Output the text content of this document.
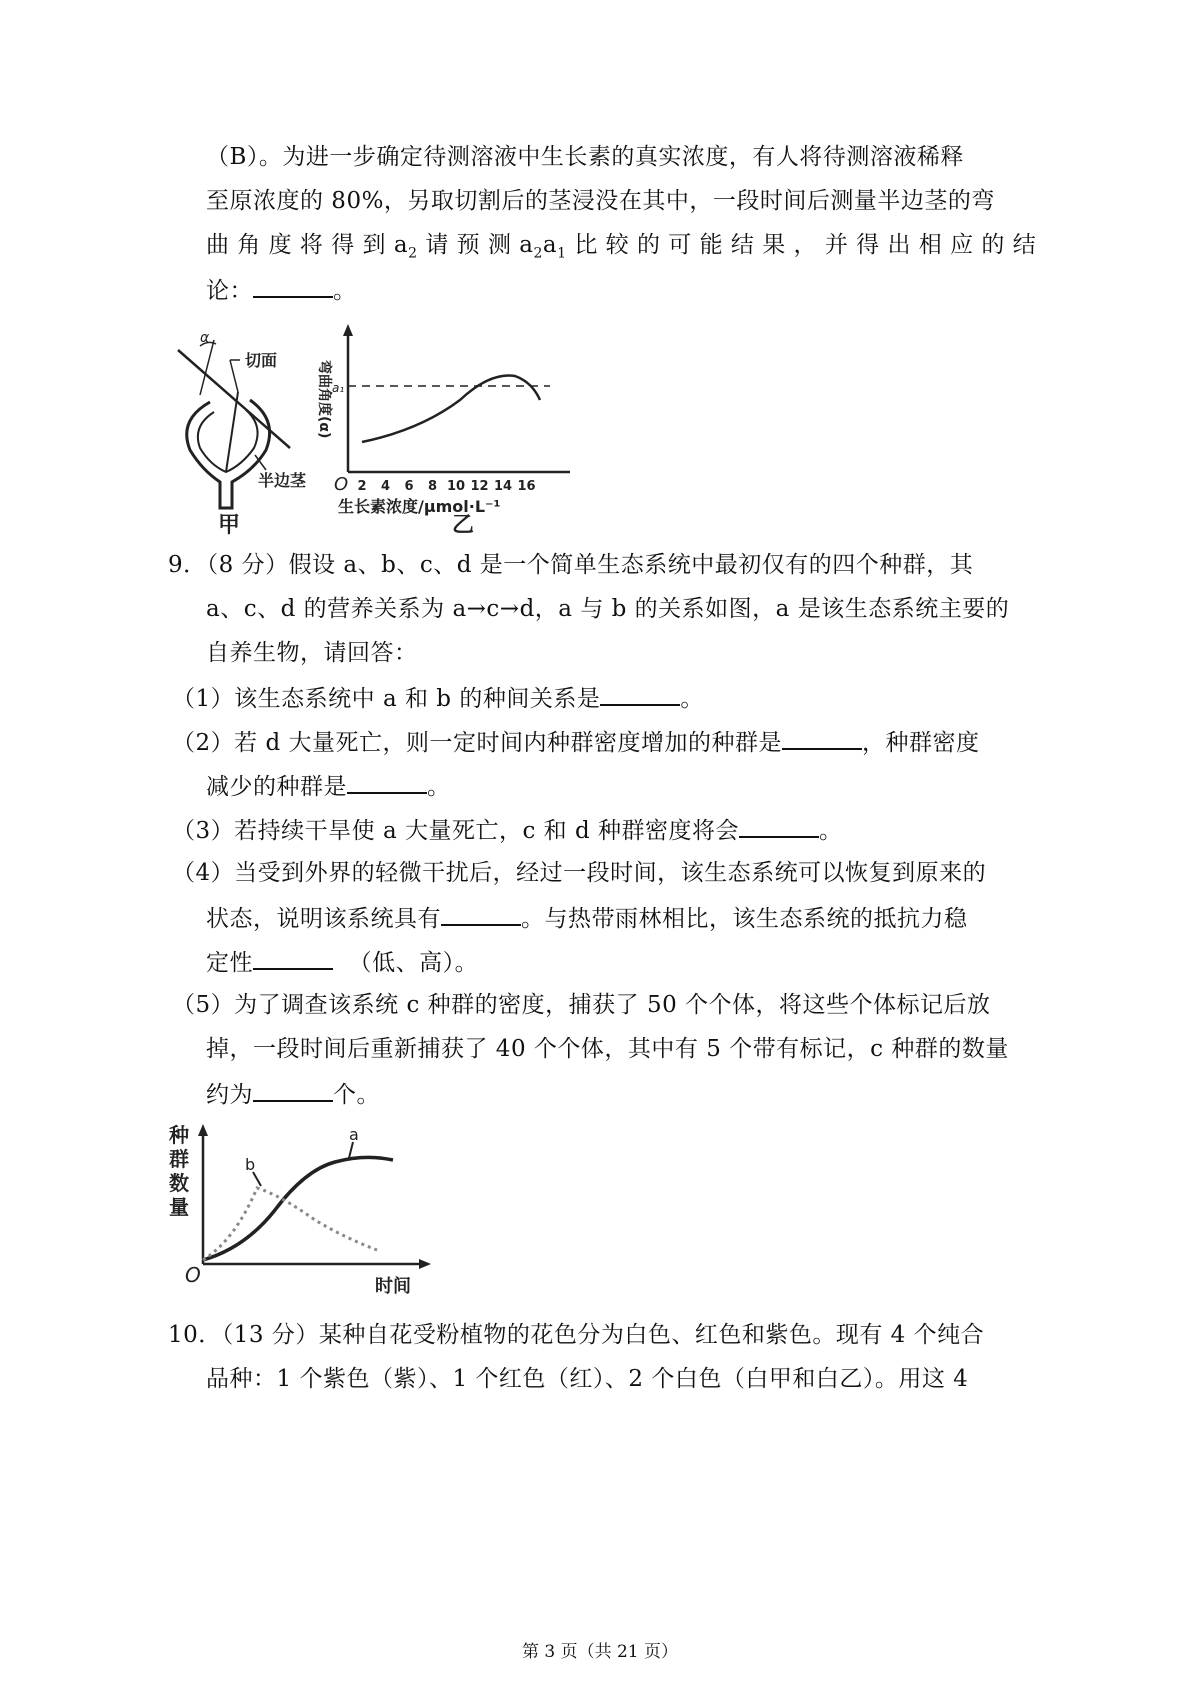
（B）。为进一步确定待测溶液中生长素的真实浓度，有人将待测溶液稀释
至原浓度的 80%，另取切割后的茎浸没在其中，一段时间后测量半边茎的弯
曲 角 度 将 得 到 $a_2$ 请 预 测 $a_2a_1$ 比 较 的 可 能 结 果 ， 并 得 出 相 应 的 结
论：	。
α
切面
半边茎
甲
弯曲角度(α) a₁
O 2 4 6 8 10 12 14 16
生长素浓度/μmol·L⁻¹
乙
9．（8 分）假设 a、b、c、d 是一个简单生态系统中最初仅有的四个种群，其
a、c、d 的营养关系为 a→c→d，a 与 b 的关系如图，a 是该生态系统主要的
自养生物，请回答：
（1）该生态系统中 a 和 b 的种间关系是	。
（2）若 d 大量死亡，则一定时间内种群密度增加的种群是	，种群密度
减少的种群是	。
（3）若持续干旱使 a 大量死亡，c 和 d 种群密度将会	。
（4）当受到外界的轻微干扰后，经过一段时间，该生态系统可以恢复到原来的
状态，说明该系统具有	。与热带雨林相比，该生态系统的抵抗力稳
定性	（低、高）。
（5）为了调查该系统 c 种群的密度，捕获了 50 个个体，将这些个体标记后放
掉，一段时间后重新捕获了 40 个个体，其中有 5 个带有标记，c 种群的数量
约为	个。
种
群
数
量
a
b
O	时间
10．（13 分）某种自花受粉植物的花色分为白色、红色和紫色。现有 4 个纯合
品种：1 个紫色（紫）、1 个红色（红）、2 个白色（白甲和白乙）。用这 4
第 3 页（共 21 页）
